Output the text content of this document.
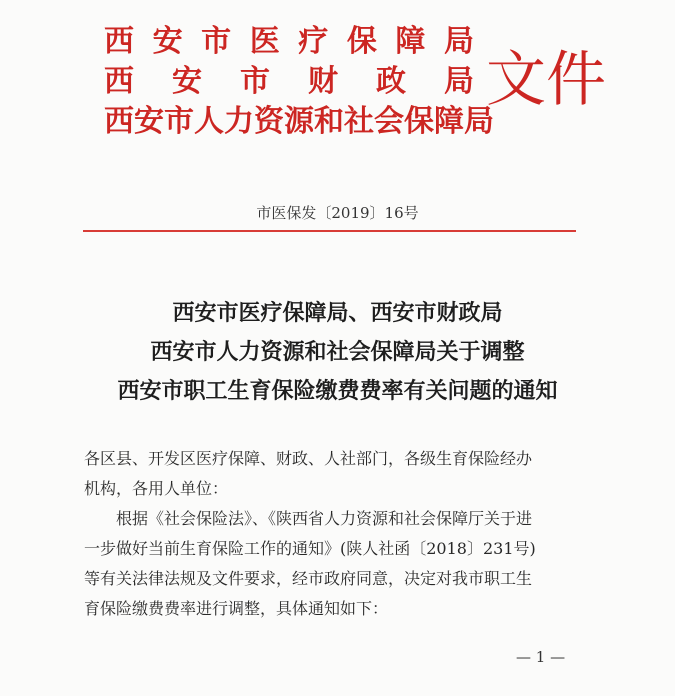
西 安 市 医 疗 保 障 局
西 安 市 财 政 局
西 安 市 人 力 资 源 和 社 会 保 障 局
文件
市医保发〔2019〕16号
西安市医疗保障局、西安市财政局
西安市人力资源和社会保障局关于调整
西安市职工生育保险缴费费率有关问题的通知

各区县、开发区医疗保障、财政、人社部门，各级生育保险经办

机构，各用人单位：

根据《社会保险法》、《陕西省人力资源和社会保障厅关于进

一步做好当前生育保险工作的通知》(陕人社函〔2018〕231号)

等有关法律法规及文件要求，经市政府同意，决定对我市职工生

育保险缴费费率进行调整，具体通知如下：

— 1 —
